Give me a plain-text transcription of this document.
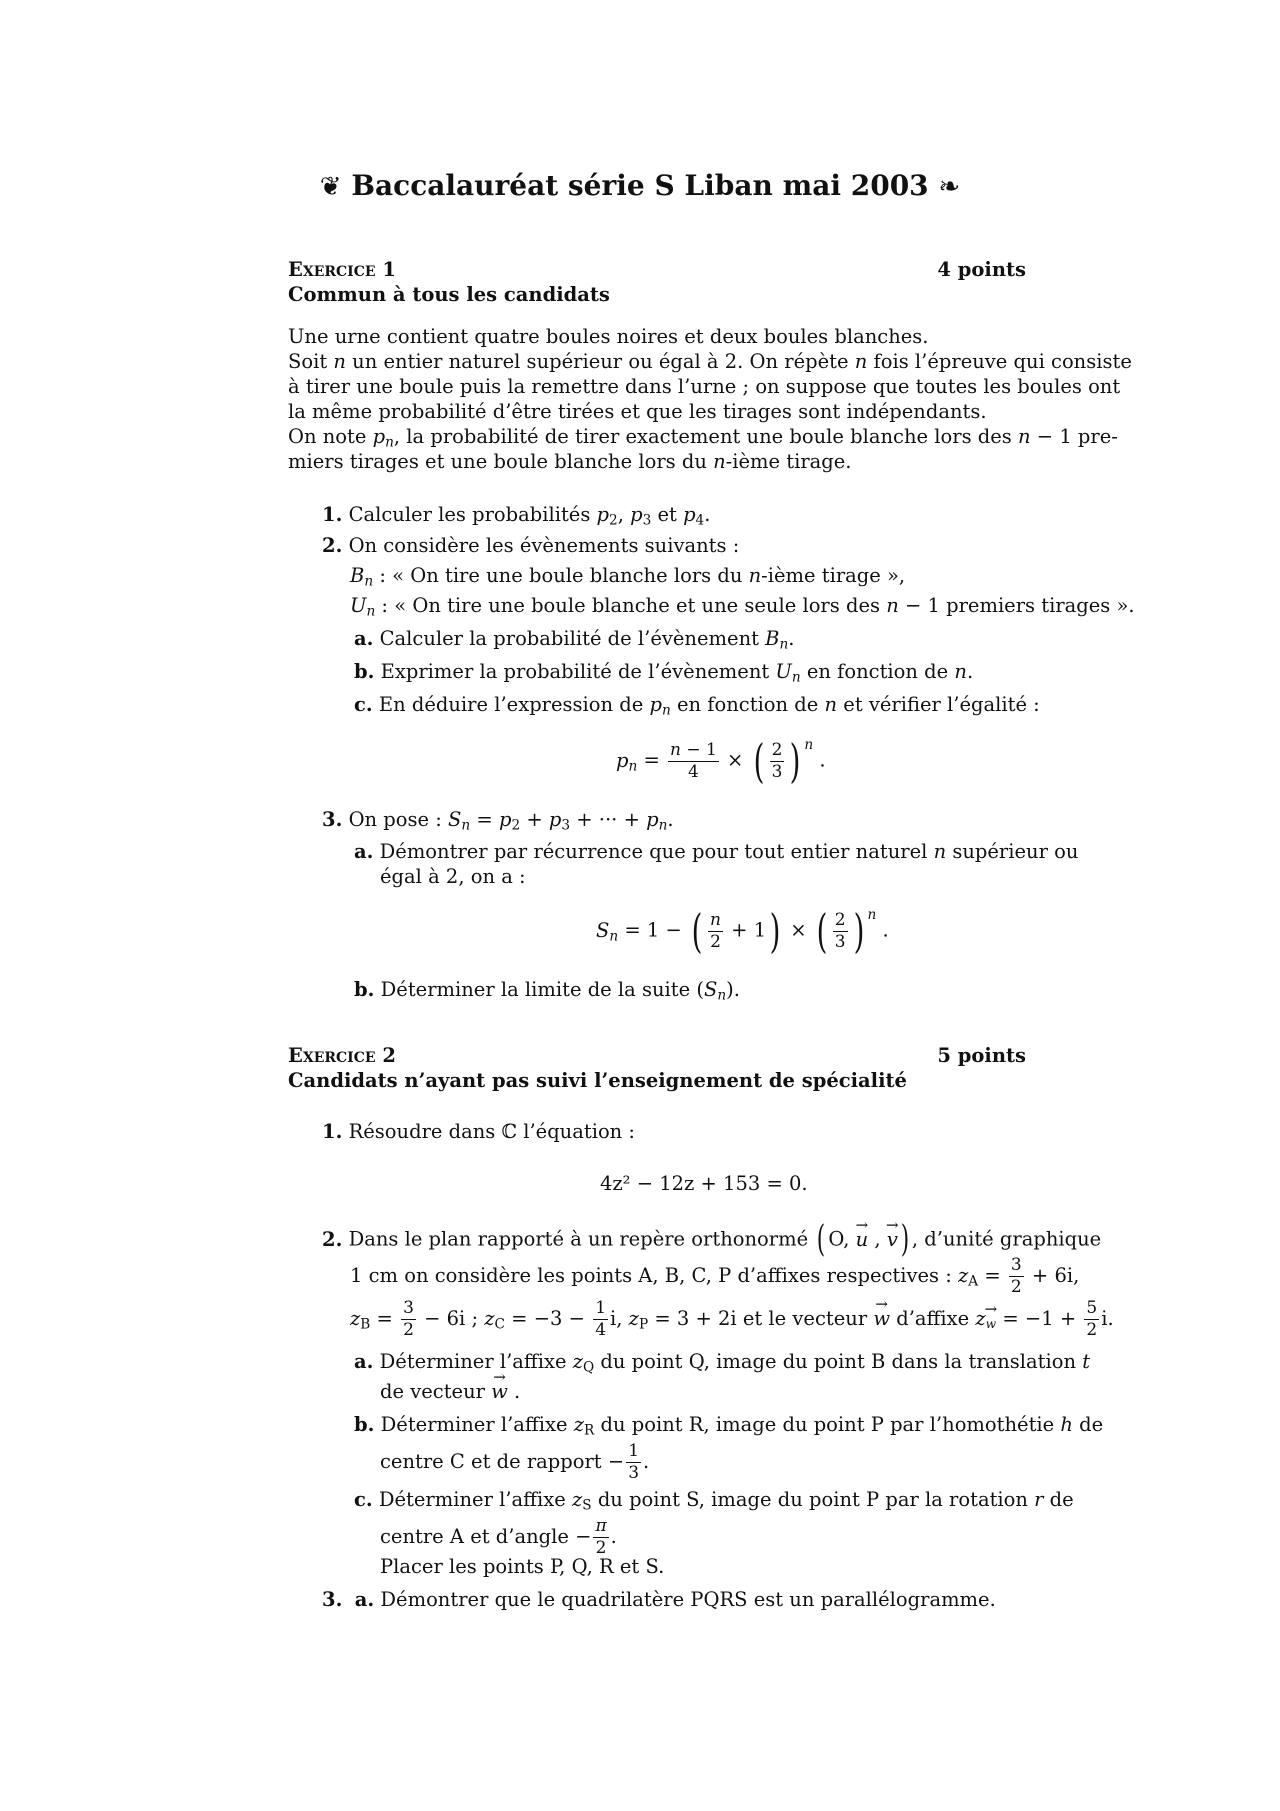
❦ Baccalauréat série S Liban mai 2003 ❧
Exercice 1	4 points
Commun à tous les candidats
Une urne contient quatre boules noires et deux boules blanches.
Soit n un entier naturel supérieur ou égal à 2. On répète n fois l’épreuve qui consiste
à tirer une boule puis la remettre dans l’urne ; on suppose que toutes les boules ont
la même probabilité d’être tirées et que les tirages sont indépendants.
On note $p_n$, la probabilité de tirer exactement une boule blanche lors des n − 1 pre-
miers tirages et une boule blanche lors du n-ième tirage.
1. Calculer les probabilités $p_2$, $p_3$ et $p_4$.
2. On considère les évènements suivants :
$B_n$ : « On tire une boule blanche lors du n-ième tirage »,
$U_n$ : « On tire une boule blanche et une seule lors des n − 1 premiers tirages ».
a. Calculer la probabilité de l’évènement $B_n$.
b. Exprimer la probabilité de l’évènement $U_n$ en fonction de n.
c. En déduire l’expression de $p_n$ en fonction de n et vérifier l’égalité :
$p_n = \frac{n - 1}{4}$ × ( $\frac{2}{3}$ ) $^n$ .
3. On pose : $S_n = p_2 + p_3$ + ··· + $p_n$.
a. Démontrer par récurrence que pour tout entier naturel n supérieur ou
égal à 2, on a :
$S_n = 1$ − ( $\frac{n}{2} + 1$) × ( $\frac{2}{3}$ ) $^n$ .
b. Déterminer la limite de la suite $(S_n)$.
Exercice 2	5 points
Candidats n’ayant pas suivi l’enseignement de spécialité
1. Résoudre dans ℂ l’équation :
4z² − 12z + 153 = 0.
2. Dans le plan rapporté à un repère orthonormé ( O, → u , → v) , d’unité graphique
1 cm on considère les points A, B, C, P d’affixes respectives : $z_A = \frac{3}{2} + 6i$,
$z_B = \frac{3}{2} - 6i$ ; $z_C = -3 - \frac{1}{4} i$, $z_P = 3 + 2i$ et le vecteur → w d’affixe $z_w = -1 + \frac{5}{2} i$.
a. Déterminer l’affixe $z_Q$ du point Q, image du point B dans la translation t
de vecteur → w .
b. Déterminer l’affixe $z_R$ du point R, image du point P par l’homothétie h de
centre C et de rapport − $\frac{1}{3}$ .
c. Déterminer l’affixe $z_S$ du point S, image du point P par la rotation r de
centre A et d’angle − $\frac{\pi}{2}$ .
Placer les points P, Q, R et S.
3. a. Démontrer que le quadrilatère PQRS est un parallélogramme.
